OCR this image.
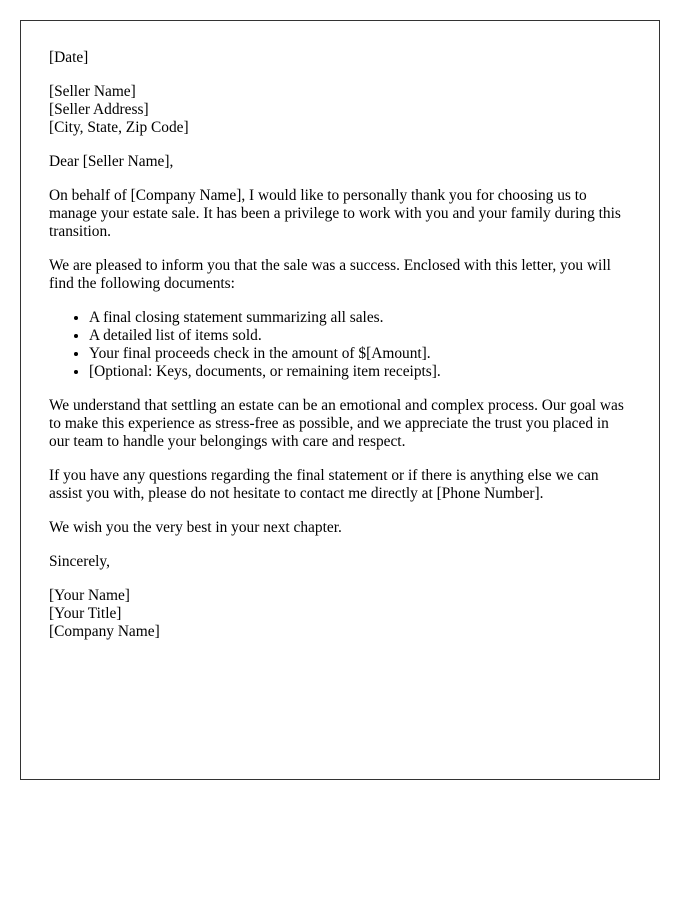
[Date]
[Seller Name]
[Seller Address]
[City, State, Zip Code]

Dear [Seller Name],

On behalf of [Company Name], I would like to personally thank you for choosing us to manage your estate sale. It has been a privilege to work with you and your family during this transition.

We are pleased to inform you that the sale was a success. Enclosed with this letter, you will find the following documents:

• A final closing statement summarizing all sales.
• A detailed list of items sold.
• Your final proceeds check in the amount of $[Amount].
• [Optional: Keys, documents, or remaining item receipts].

We understand that settling an estate can be an emotional and complex process. Our goal was to make this experience as stress-free as possible, and we appreciate the trust you placed in our team to handle your belongings with care and respect.

If you have any questions regarding the final statement or if there is anything else we can assist you with, please do not hesitate to contact me directly at [Phone Number].

We wish you the very best in your next chapter.

Sincerely,

[Your Name]
[Your Title]
[Company Name]
